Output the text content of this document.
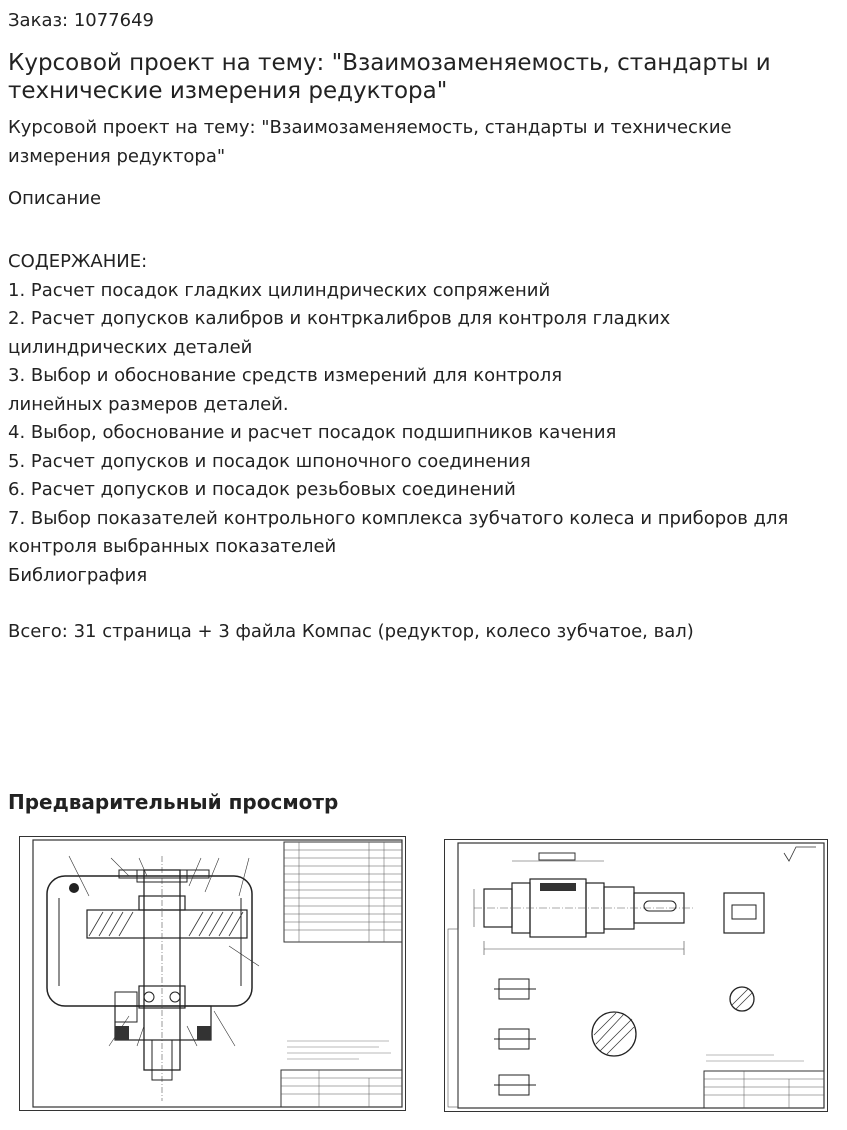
Заказ: 1077649
Курсовой проект на тему: "Взаимозаменяемость, стандарты и технические измерения редуктора"
Курсовой проект на тему: "Взаимозаменяемость, стандарты и технические измерения редуктора"
Описание
СОДЕРЖАНИЕ:
1. Расчет посадок гладких цилиндрических сопряжений
2. Расчет допусков калибров и контркалибров для контроля гладких
цилиндрических деталей
3. Выбор и обоснование средств измерений для контроля
линейных размеров деталей.
4. Выбор, обоснование и расчет посадок подшипников качения
5. Расчет допусков и посадок шпоночного соединения
6. Расчет допусков и посадок резьбовых соединений
7. Выбор показателей контрольного комплекса зубчатого колеса и приборов для
контроля выбранных показателей
Библиография
Всего: 31 страница + 3 файла Компас (редуктор, колесо зубчатое, вал)
Предварительный просмотр
